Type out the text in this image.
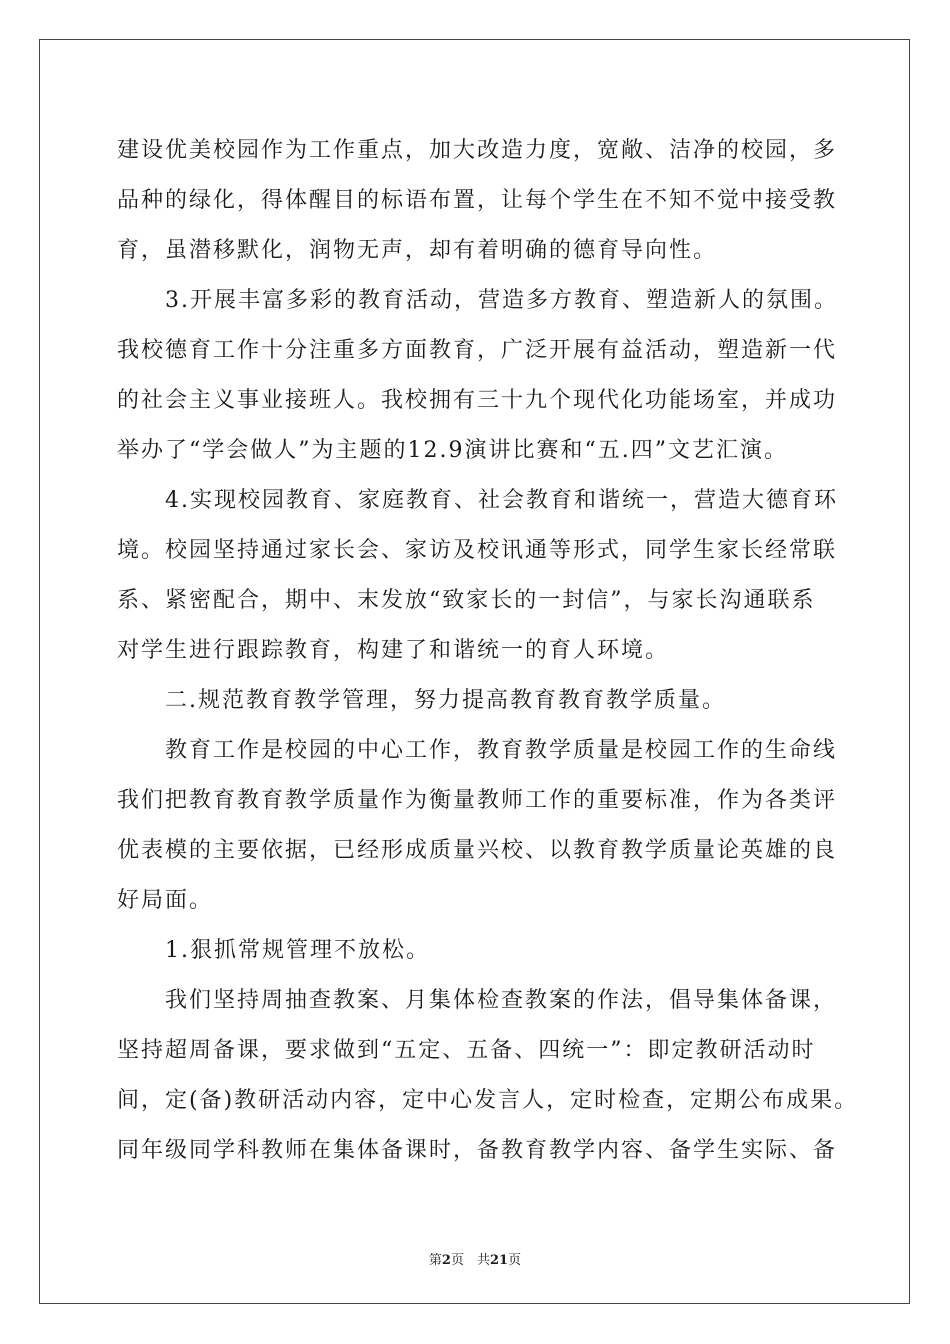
建设优美校园作为工作重点，加大改造力度，宽敞、洁净的校园，多
品种的绿化，得体醒目的标语布置，让每个学生在不知不觉中接受教
育，虽潜移默化，润物无声，却有着明确的德育导向性。
　　3.开展丰富多彩的教育活动，营造多方教育、塑造新人的氛围。
我校德育工作十分注重多方面教育，广泛开展有益活动，塑造新一代
的社会主义事业接班人。我校拥有三十九个现代化功能场室，并成功
举办了“学会做人”为主题的12.9演讲比赛和“五.四”文艺汇演。
　　4.实现校园教育、家庭教育、社会教育和谐统一，营造大德育环
境。校园坚持通过家长会、家访及校讯通等形式，同学生家长经常联
系、紧密配合，期中、末发放“致家长的一封信”，与家长沟通联系
对学生进行跟踪教育，构建了和谐统一的育人环境。
　　二.规范教育教学管理，努力提高教育教育教学质量。
　　教育工作是校园的中心工作，教育教学质量是校园工作的生命线
我们把教育教育教学质量作为衡量教师工作的重要标准，作为各类评
优表模的主要依据，已经形成质量兴校、以教育教学质量论英雄的良
好局面。
　　1.狠抓常规管理不放松。
　　我们坚持周抽查教案、月集体检查教案的作法，倡导集体备课，
坚持超周备课，要求做到“五定、五备、四统一”：即定教研活动时
间，定(备)教研活动内容，定中心发言人，定时检查，定期公布成果。
同年级同学科教师在集体备课时，备教育教学内容、备学生实际、备
第2页　共21页
